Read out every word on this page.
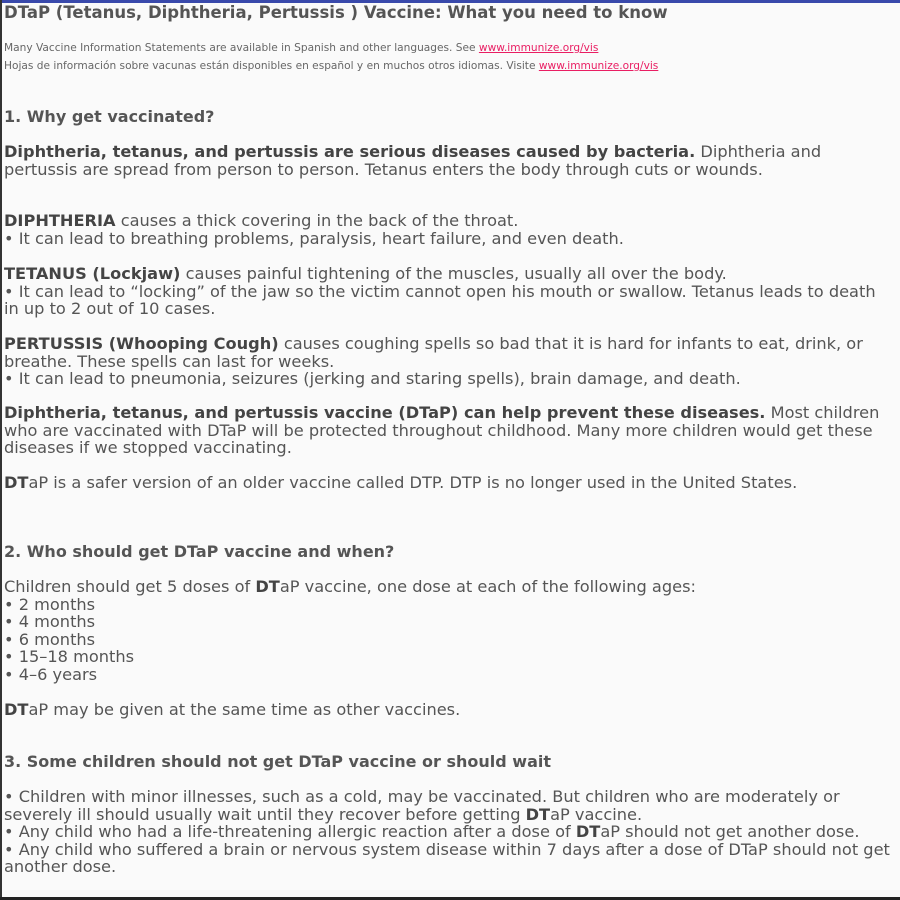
DTaP (Tetanus, Diphtheria, Pertussis ) Vaccine: What you need to know
Many Vaccine Information Statements are available in Spanish and other languages. See www.immunize.org/vis
Hojas de información sobre vacunas están disponibles en español y en muchos otros idiomas. Visite www.immunize.org/vis
1. Why get vaccinated?
Diphtheria, tetanus, and pertussis are serious diseases caused by bacteria. Diphtheria and pertussis are spread from person to person. Tetanus enters the body through cuts or wounds.
DIPHTHERIA causes a thick covering in the back of the throat.
• It can lead to breathing problems, paralysis, heart failure, and even death.
TETANUS (Lockjaw) causes painful tightening of the muscles, usually all over the body.
• It can lead to “locking” of the jaw so the victim cannot open his mouth or swallow. Tetanus leads to death in up to 2 out of 10 cases.
PERTUSSIS (Whooping Cough) causes coughing spells so bad that it is hard for infants to eat, drink, or breathe. These spells can last for weeks.
• It can lead to pneumonia, seizures (jerking and staring spells), brain damage, and death.
Diphtheria, tetanus, and pertussis vaccine (DTaP) can help prevent these diseases. Most children who are vaccinated with DTaP will be protected throughout childhood. Many more children would get these diseases if we stopped vaccinating.
DTaP is a safer version of an older vaccine called DTP. DTP is no longer used in the United States.
2. Who should get DTaP vaccine and when?
Children should get 5 doses of DTaP vaccine, one dose at each of the following ages:
• 2 months
• 4 months
• 6 months
• 15–18 months
• 4–6 years
DTaP may be given at the same time as other vaccines.
3. Some children should not get DTaP vaccine or should wait
• Children with minor illnesses, such as a cold, may be vaccinated. But children who are moderately or severely ill should usually wait until they recover before getting DTaP vaccine.
• Any child who had a life-threatening allergic reaction after a dose of DTaP should not get another dose.
• Any child who suffered a brain or nervous system disease within 7 days after a dose of DTaP should not get another dose.
